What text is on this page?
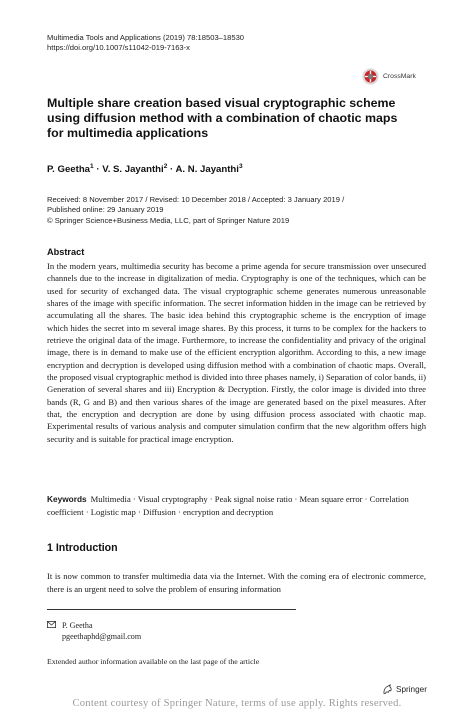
Multimedia Tools and Applications (2019) 78:18503–18530
https://doi.org/10.1007/s11042-019-7163-x
CrossMark
Multiple share creation based visual cryptographic scheme using diffusion method with a combination of chaotic maps for multimedia applications
P. Geetha$^1$ · V. S. Jayanthi$^2$ · A. N. Jayanthi$^3$
Received: 8 November 2017 / Revised: 10 December 2018 / Accepted: 3 January 2019 /
Published online: 29 January 2019
© Springer Science+Business Media, LLC, part of Springer Nature 2019
Abstract
In the modern years, multimedia security has become a prime agenda for secure transmission over unsecured channels due to the increase in digitalization of media. Cryptography is one of the techniques, which can be used for security of exchanged data. The visual cryptographic scheme generates numerous unreasonable shares of the image with specific information. The secret information hidden in the image can be retrieved by accumulating all the shares. The basic idea behind this cryptographic scheme is the encryption of image which hides the secret into m several image shares. By this process, it turns to be complex for the hackers to retrieve the original data of the image. Furthermore, to increase the confidentiality and privacy of the original image, there is in demand to make use of the efficient encryption algorithm. According to this, a new image encryption and decryption is developed using diffusion method with a combination of chaotic maps. Overall, the proposed visual cryptographic method is divided into three phases namely, i) Separation of color bands, ii) Generation of several shares and iii) Encryption & Decryption. Firstly, the color image is divided into three bands (R, G and B) and then various shares of the image are generated based on the pixel measures. After that, the encryption and decryption are done by using diffusion process associated with chaotic map. Experimental results of various analysis and computer simulation confirm that the new algorithm offers high security and is suitable for practical image encryption.
Keywords Multimedia · Visual cryptography · Peak signal noise ratio · Mean square error · Correlation coefficient · Logistic map · Diffusion · encryption and decryption
1 Introduction
It is now common to transfer multimedia data via the Internet. With the coming era of electronic commerce, there is an urgent need to solve the problem of ensuring information
P. Geetha
pgeethaphd@gmail.com
Extended author information available on the last page of the article
Springer
Content courtesy of Springer Nature, terms of use apply. Rights reserved.
